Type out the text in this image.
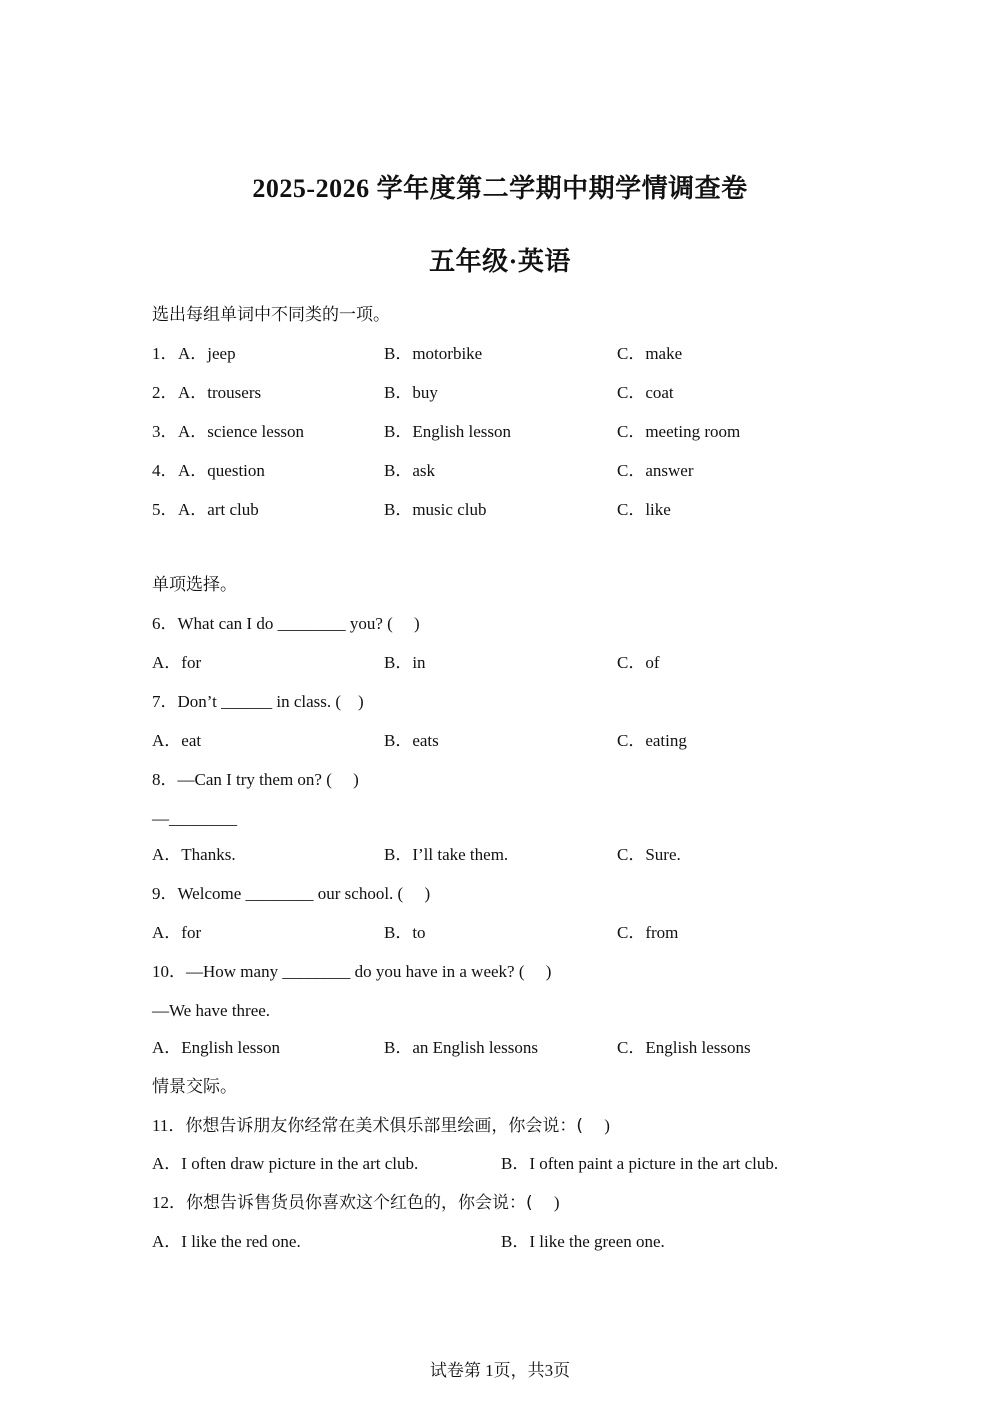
2025-2026 学年度第二学期中期学情调查卷
五年级·英语
选出每组单词中不同类的一项。
1． A．jeep	B．motorbike	C．make
2． A．trousers	B．buy	C．coat
3． A．science lesson	B．English lesson	C．meeting room
4． A．question	B．ask	C．answer
5． A．art club	B．music club	C．like
单项选择。
6．What can I do ________ you? (     )
A．for	B．in	C．of
7．Don’t ______ in class. (    )
A．eat	B．eats	C．eating
8．—Can I try them on? (     )
—________
A．Thanks.	B．I’ll take them.	C．Sure.
9．Welcome ________ our school. (     )
A．for	B．to	C．from
10．—How many ________ do you have in a week? (     )
—We have three.
A．English lesson	B．an English lessons	C．English lessons
情景交际。
11．你想告诉朋友你经常在美术俱乐部里绘画，你会说：(     )
A．I often draw picture in the art club.	B．I often paint a picture in the art club.
12．你想告诉售货员你喜欢这个红色的，你会说：(     )
A．I like the red one.	B．I like the green one.
试卷第 1页，共3页
